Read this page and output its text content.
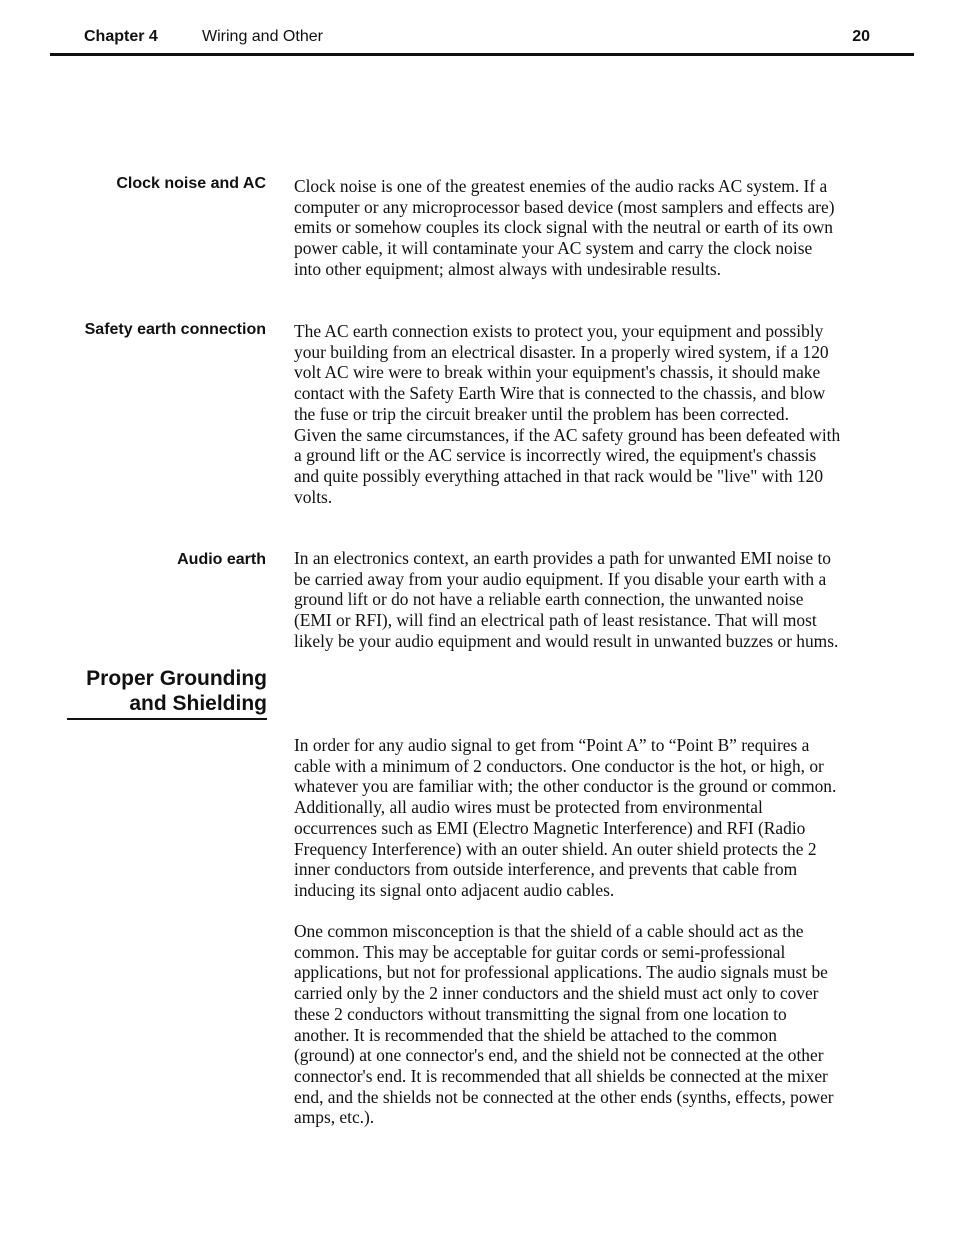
Chapter 4	Wiring and Other	20
Clock noise and AC Clock noise is one of the greatest enemies of the audio racks AC system. If a
computer or any microprocessor based device (most samplers and effects are)
emits or somehow couples its clock signal with the neutral or earth of its own
power cable, it will contaminate your AC system and carry the clock noise
into other equipment; almost always with undesirable results.
Safety earth connection The AC earth connection exists to protect you, your equipment and possibly
your building from an electrical disaster. In a properly wired system, if a 120
volt AC wire were to break within your equipment's chassis, it should make
contact with the Safety Earth Wire that is connected to the chassis, and blow
the fuse or trip the circuit breaker until the problem has been corrected.
Given the same circumstances, if the AC safety ground has been defeated with
a ground lift or the AC service is incorrectly wired, the equipment's chassis
and quite possibly everything attached in that rack would be "live" with 120
volts.
Audio earth In an electronics context, an earth provides a path for unwanted EMI noise to
be carried away from your audio equipment. If you disable your earth with a
ground lift or do not have a reliable earth connection, the unwanted noise
(EMI or RFI), will find an electrical path of least resistance. That will most
likely be your audio equipment and would result in unwanted buzzes or hums.
Proper Grounding
and Shielding
In order for any audio signal to get from “Point A” to “Point B” requires a
cable with a minimum of 2 conductors. One conductor is the hot, or high, or
whatever you are familiar with; the other conductor is the ground or common.
Additionally, all audio wires must be protected from environmental
occurrences such as EMI (Electro Magnetic Interference) and RFI (Radio
Frequency Interference) with an outer shield. An outer shield protects the 2
inner conductors from outside interference, and prevents that cable from
inducing its signal onto adjacent audio cables.
One common misconception is that the shield of a cable should act as the
common. This may be acceptable for guitar cords or semi-professional
applications, but not for professional applications. The audio signals must be
carried only by the 2 inner conductors and the shield must act only to cover
these 2 conductors without transmitting the signal from one location to
another. It is recommended that the shield be attached to the common
(ground) at one connector's end, and the shield not be connected at the other
connector's end. It is recommended that all shields be connected at the mixer
end, and the shields not be connected at the other ends (synths, effects, power
amps, etc.).
